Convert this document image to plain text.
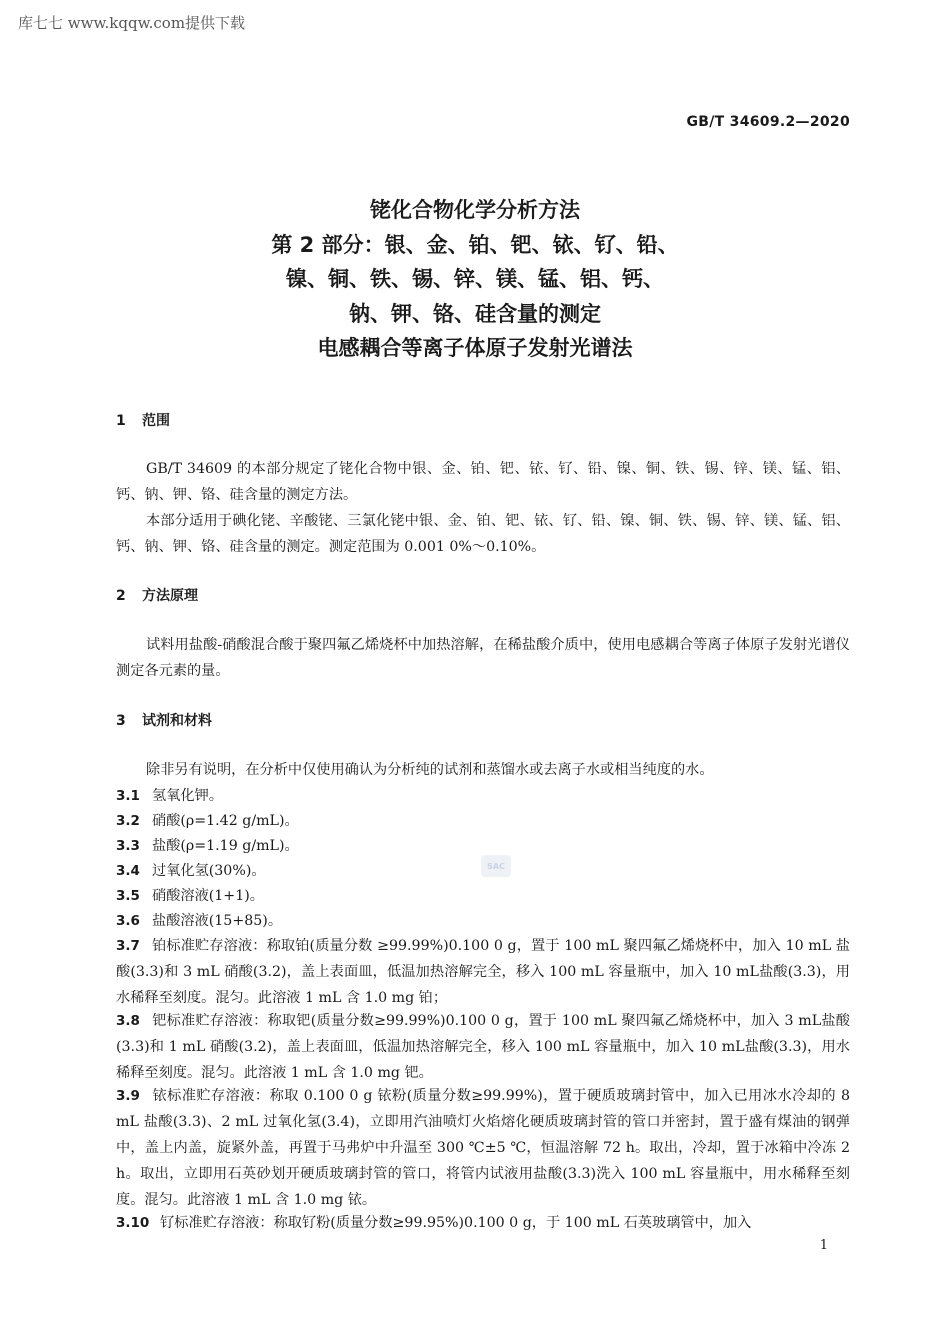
库七七 www.kqqw.com提供下载
GB/T 34609.2—2020
铑化合物化学分析方法
第 2 部分：银、金、铂、钯、铱、钌、铅、
镍、铜、铁、锡、锌、镁、锰、铝、钙、
钠、钾、铬、硅含量的测定
电感耦合等离子体原子发射光谱法
1 范围
GB/T 34609 的本部分规定了铑化合物中银、金、铂、钯、铱、钌、铅、镍、铜、铁、锡、锌、镁、锰、铝、钙、钠、钾、铬、硅含量的测定方法。
本部分适用于碘化铑、辛酸铑、三氯化铑中银、金、铂、钯、铱、钌、铅、镍、铜、铁、锡、锌、镁、锰、铝、钙、钠、钾、铬、硅含量的测定。测定范围为 0.001 0%～0.10%。
2 方法原理
试料用盐酸-硝酸混合酸于聚四氟乙烯烧杯中加热溶解，在稀盐酸介质中，使用电感耦合等离子体原子发射光谱仪测定各元素的量。
3 试剂和材料
除非另有说明，在分析中仅使用确认为分析纯的试剂和蒸馏水或去离子水或相当纯度的水。
3.1 氢氧化钾。
3.2 硝酸(ρ=1.42 g/mL)。
3.3 盐酸(ρ=1.19 g/mL)。
3.4 过氧化氢(30%)。
3.5 硝酸溶液(1+1)。
3.6 盐酸溶液(15+85)。
3.7 铂标准贮存溶液：称取铂(质量分数 ≥99.99%)0.100 0 g，置于 100 mL 聚四氟乙烯烧杯中，加入 10 mL 盐酸(3.3)和 3 mL 硝酸(3.2)，盖上表面皿，低温加热溶解完全，移入 100 mL 容量瓶中，加入 10 mL盐酸(3.3)，用水稀释至刻度。混匀。此溶液 1 mL 含 1.0 mg 铂；
3.8 钯标准贮存溶液：称取钯(质量分数≥99.99%)0.100 0 g，置于 100 mL 聚四氟乙烯烧杯中，加入 3 mL盐酸(3.3)和 1 mL 硝酸(3.2)，盖上表面皿，低温加热溶解完全，移入 100 mL 容量瓶中，加入 10 mL盐酸(3.3)，用水稀释至刻度。混匀。此溶液 1 mL 含 1.0 mg 钯。
3.9 铱标准贮存溶液：称取 0.100 0 g 铱粉(质量分数≥99.99%)，置于硬质玻璃封管中，加入已用冰水冷却的 8 mL 盐酸(3.3)、2 mL 过氧化氢(3.4)，立即用汽油喷灯火焰熔化硬质玻璃封管的管口并密封，置于盛有煤油的钢弹中，盖上内盖，旋紧外盖，再置于马弗炉中升温至 300 ℃±5 ℃，恒温溶解 72 h。取出，冷却，置于冰箱中冷冻 2 h。取出，立即用石英砂划开硬质玻璃封管的管口，将管内试液用盐酸(3.3)洗入 100 mL 容量瓶中，用水稀释至刻度。混匀。此溶液 1 mL 含 1.0 mg 铱。
3.10 钌标准贮存溶液：称取钌粉(质量分数≥99.95%)0.100 0 g，于 100 mL 石英玻璃管中，加入
SAC
1
